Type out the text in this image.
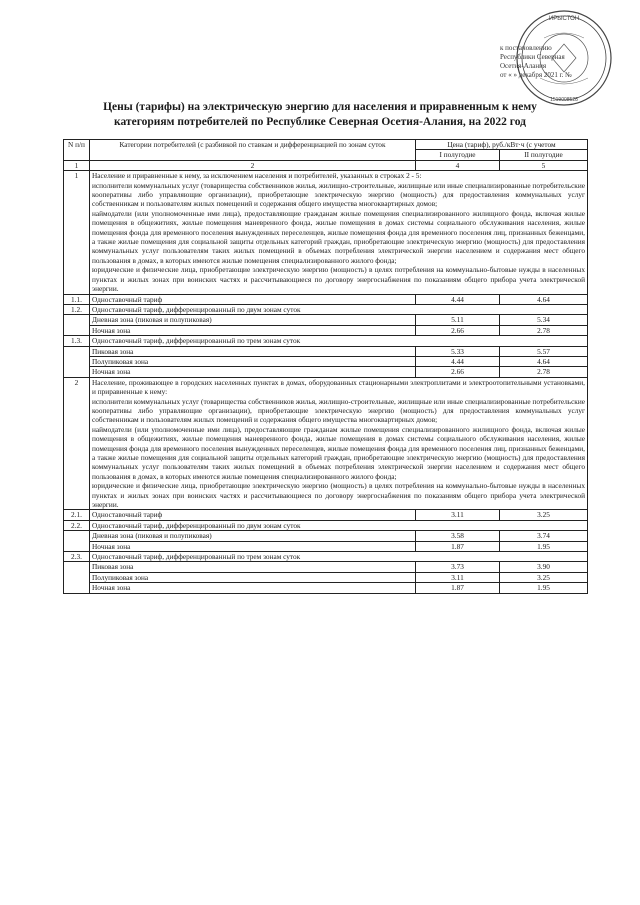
ИРЫСТОН
1519008528
к постановлению
Республики Северная
Осетия-Алания
от « » декабря 2021 г. №
Цены (тарифы) на электрическую энергию для населения и приравненным к нему
категориям потребителей по Республике Северная Осетия-Алания, на 2022 год
N п/п	Категории потребителей (с разбивкой по ставкам и дифференциацией по зонам суток	Цена (тариф), руб./кВт·ч (с учетом	
		I полугодие	II полугодие
1	2	4	5
1	Население и приравненные к нему, за исключением населения и потребителей, указанных в строках 2 - 5:

исполнители коммунальных услуг (товарищества собственников жилья, жилищно-строительные, жилищные или иные специализированные потребительские кооперативы либо управляющие организации), приобретающие электрическую энергию (мощность) для предоставления коммунальных услуг собственникам и пользователям жилых помещений и содержания общего имущества многоквартирных домов;

наймодатели (или уполномоченные ими лица), предоставляющие гражданам жилые помещения специализированного жилищного фонда, включая жилые помещения в общежитиях, жилые помещения маневренного фонда, жилые помещения в домах системы социального обслуживания населения, жилые помещения фонда для временного поселения вынужденных переселенцев, жилые помещения фонда для временного поселения лиц, признанных беженцами, а также жилые помещения для социальной защиты отдельных категорий граждан, приобретающие электрическую энергию (мощность) для предоставления коммунальных услуг пользователям таких жилых помещений в объемах потребления электрической энергии населением и содержания мест общего пользования в домах, в которых имеются жилые помещения специализированного жилого фонда;

юридические и физические лица, приобретающие электрическую энергию (мощность) в целях потребления на коммунально-бытовые нужды в населенных пунктах и жилых зонах при воинских частях и рассчитывающиеся по договору энергоснабжения по показаниям общего прибора учета электрической энергии.		

1.1.	Одноставочный тариф	4.44	4.64
1.2.	Одноставочный тариф, дифференцированный по двум зонам суток		
	Дневная зона (пиковая и полупиковая)	5.11	5.34
	Ночная зона	2.66	2.78
1.3.	Одноставочный тариф, дифференцированный по трем зонам суток		
	Пиковая зона	5.33	5.57
	Полупиковая зона	4.44	4.64
	Ночная зона	2.66	2.78
2	Население, проживающее в городских населенных пунктах в домах, оборудованных стационарными электроплитами и электроотопительными установками, и приравненные к нему:

исполнители коммунальных услуг (товарищества собственников жилья, жилищно-строительные, жилищные или иные специализированные потребительские кооперативы либо управляющие организации), приобретающие электрическую энергию (мощность) для предоставления коммунальных услуг собственникам и пользователям жилых помещений и содержания общего имущества многоквартирных домов;

наймодатели (или уполномоченные ими лица), предоставляющие гражданам жилые помещения специализированного жилищного фонда, включая жилые помещения в общежитиях, жилые помещения маневренного фонда, жилые помещения в домах системы социального обслуживания населения, жилые помещения фонда для временного поселения вынужденных переселенцев, жилые помещения фонда для временного поселения лиц, признанных беженцами, а также жилые помещения для социальной защиты отдельных категорий граждан, приобретающие электрическую энергию (мощность) для предоставления коммунальных услуг пользователям таких жилых помещений в объемах потребления электрической энергии населением и содержания мест общего пользования в домах, в которых имеются жилые помещения специализированного жилого фонда;

юридические и физические лица, приобретающие электрическую энергию (мощность) в целях потребления на коммунально-бытовые нужды в населенных пунктах и жилых зонах при воинских частях и рассчитывающиеся по договору энергоснабжения по показаниям общего прибора учета электрической энергии.		

2.1.	Одноставочный тариф	3.11	3.25
2.2.	Одноставочный тариф, дифференцированный по двум зонам суток		
	Дневная зона (пиковая и полупиковая)	3.58	3.74
	Ночная зона	1.87	1.95
2.3.	Одноставочный тариф, дифференцированный по трем зонам суток		
	Пиковая зона	3.73	3.90
	Полупиковая зона	3.11	3.25
	Ночная зона	1.87	1.95
